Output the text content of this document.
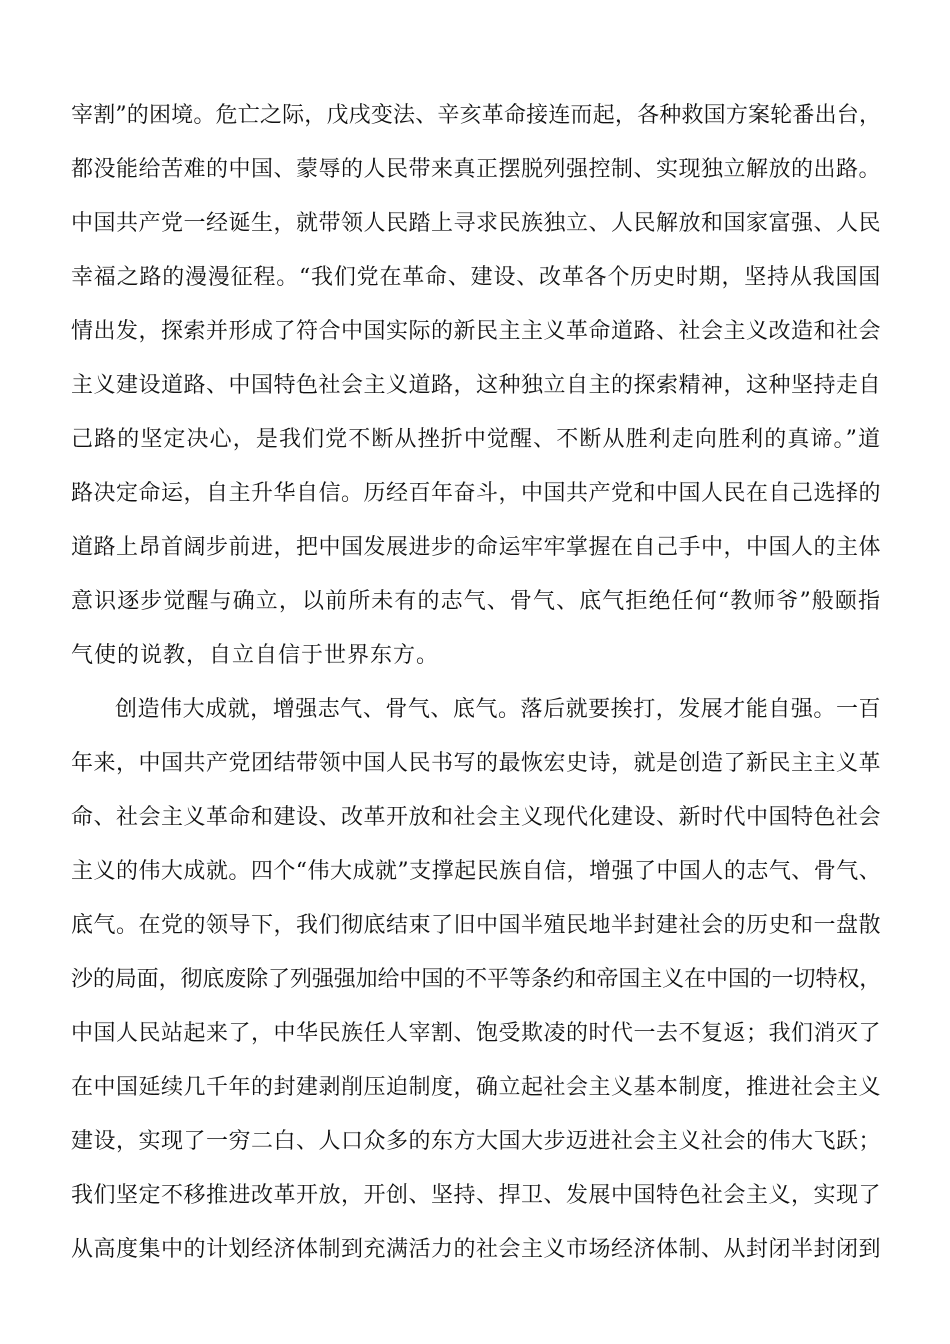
宰割”的困境。危亡之际，戊戌变法、辛亥革命接连而起，各种救国方案轮番出台，
都没能给苦难的中国、蒙辱的人民带来真正摆脱列强控制、实现独立解放的出路。
中国共产党一经诞生，就带领人民踏上寻求民族独立、人民解放和国家富强、人民
幸福之路的漫漫征程。“我们党在革命、建设、改革各个历史时期，坚持从我国国
情出发，探索并形成了符合中国实际的新民主主义革命道路、社会主义改造和社会
主义建设道路、中国特色社会主义道路，这种独立自主的探索精神，这种坚持走自
己路的坚定决心，是我们党不断从挫折中觉醒、不断从胜利走向胜利的真谛。”道
路决定命运，自主升华自信。历经百年奋斗，中国共产党和中国人民在自己选择的
道路上昂首阔步前进，把中国发展进步的命运牢牢掌握在自己手中，中国人的主体
意识逐步觉醒与确立，以前所未有的志气、骨气、底气拒绝任何“教师爷”般颐指
气使的说教，自立自信于世界东方。
创造伟大成就，增强志气、骨气、底气。落后就要挨打，发展才能自强。一百
年来，中国共产党团结带领中国人民书写的最恢宏史诗，就是创造了新民主主义革
命、社会主义革命和建设、改革开放和社会主义现代化建设、新时代中国特色社会
主义的伟大成就。四个“伟大成就”支撑起民族自信，增强了中国人的志气、骨气、
底气。在党的领导下，我们彻底结束了旧中国半殖民地半封建社会的历史和一盘散
沙的局面，彻底废除了列强强加给中国的不平等条约和帝国主义在中国的一切特权，
中国人民站起来了，中华民族任人宰割、饱受欺凌的时代一去不复返；我们消灭了
在中国延续几千年的封建剥削压迫制度，确立起社会主义基本制度，推进社会主义
建设，实现了一穷二白、人口众多的东方大国大步迈进社会主义社会的伟大飞跃；
我们坚定不移推进改革开放，开创、坚持、捍卫、发展中国特色社会主义，实现了
从高度集中的计划经济体制到充满活力的社会主义市场经济体制、从封闭半封闭到
